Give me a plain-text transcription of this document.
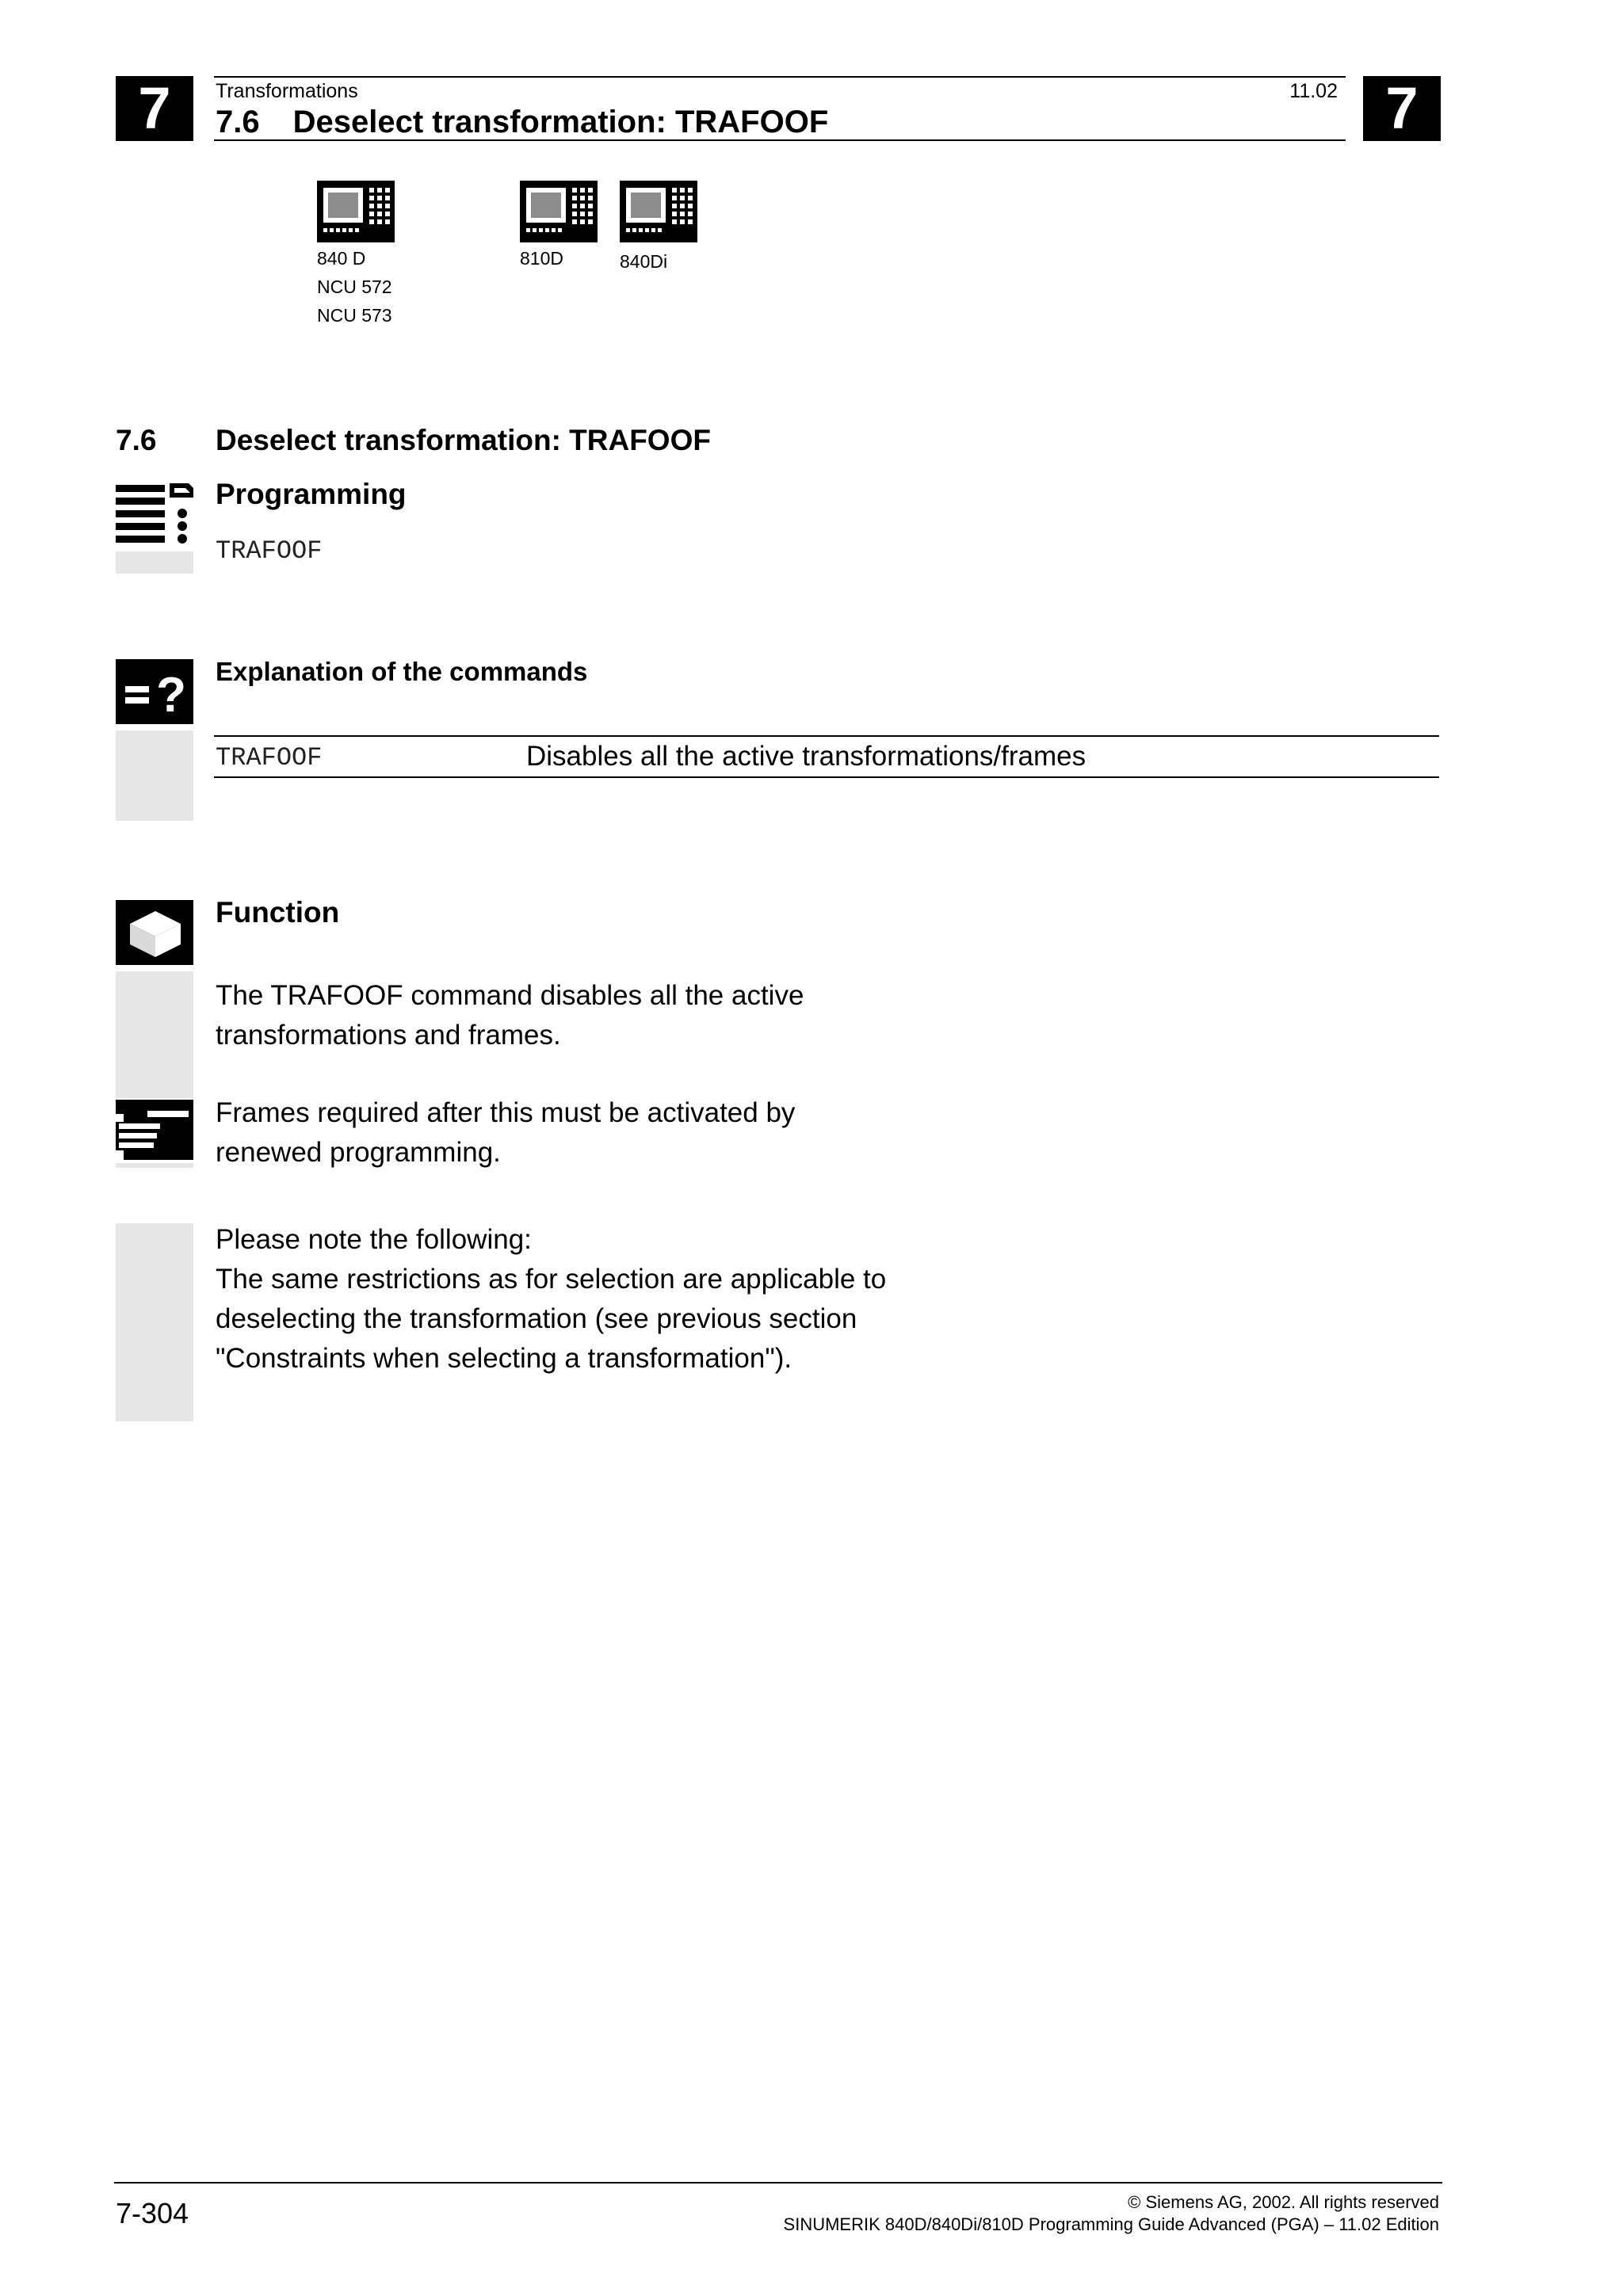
7	7
Transformations	11.02
7.6 Deselect transformation: TRAFOOF
840 D
NCU 572
NCU 573
810D	840Di
7.6 Deselect transformation: TRAFOOF
Programming
TRAFOOF
? Explanation of the commands
TRAFOOF	Disables all the active transformations/frames
Function
The TRAFOOF command disables all the active
transformations and frames.
Frames required after this must be activated by
renewed programming.
Please note the following:
The same restrictions as for selection are applicable to
deselecting the transformation (see previous section
"Constraints when selecting a transformation").
7-304	© Siemens AG, 2002. All rights reserved
SINUMERIK 840D/840Di/810D Programming Guide Advanced (PGA) – 11.02 Edition
